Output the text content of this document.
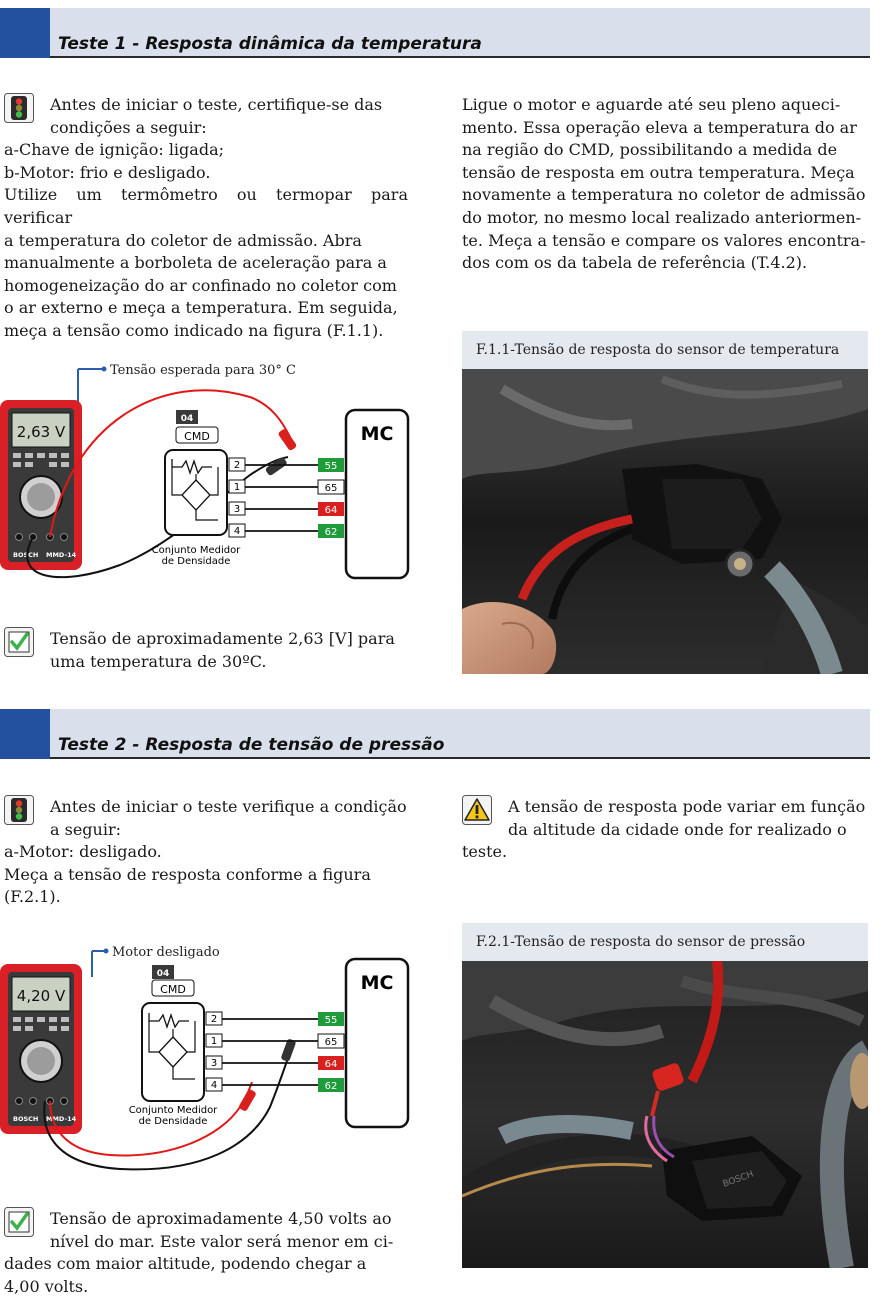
Teste 1 - Resposta dinâmica da temperatura

Antes de iniciar o teste, certifique-se das

condições a seguir:

a-Chave de ignição: ligada;

b-Motor: frio e desligado.

Utilize um termômetro ou termopar para verificar

a temperatura do coletor de admissão. Abra

manualmente a borboleta de aceleração para a

homogeneização do ar confinado no coletor com

o ar externo e meça a temperatura. Em seguida,

meça a tensão como indicado na figura (F.1.1).

Ligue o motor e aguarde até seu pleno aqueci-

mento. Essa operação eleva a temperatura do ar

na região do CMD, possibilitando a medida de

tensão de resposta em outra temperatura. Meça

novamente a temperatura no coletor de admissão

do motor, no mesmo local realizado anteriormen-

te. Meça a tensão e compare os valores encontra-

dos com os da tabela de referência (T.4.2).

Tensão esperada para 30° C
2,63 V
BOSCH MMD-14
04
CMD
Conjunto Medidor
de Densidade
2
1
3
4
55
65
64
62
MC

Tensão de aproximadamente 2,63 [V] para

uma temperatura de 30ºC.

F.1.1-Tensão de resposta do sensor de temperatura
Teste 2 - Resposta de tensão de pressão

Antes de iniciar o teste verifique a condição

a seguir:

a-Motor: desligado.

Meça a tensão de resposta conforme a figura

(F.2.1).

A tensão de resposta pode variar em função

da altitude da cidade onde for realizado o

teste.

Motor desligado
4,20 V
BOSCH MMD-14
04
CMD
Conjunto Medidor
de Densidade
2
1
3
4
55
65
64
62
MC

Tensão de aproximadamente 4,50 volts ao

nível do mar. Este valor será menor em ci-

dades com maior altitude, podendo chegar a

4,00 volts.

F.2.1-Tensão de resposta do sensor de pressão
BOSCH
